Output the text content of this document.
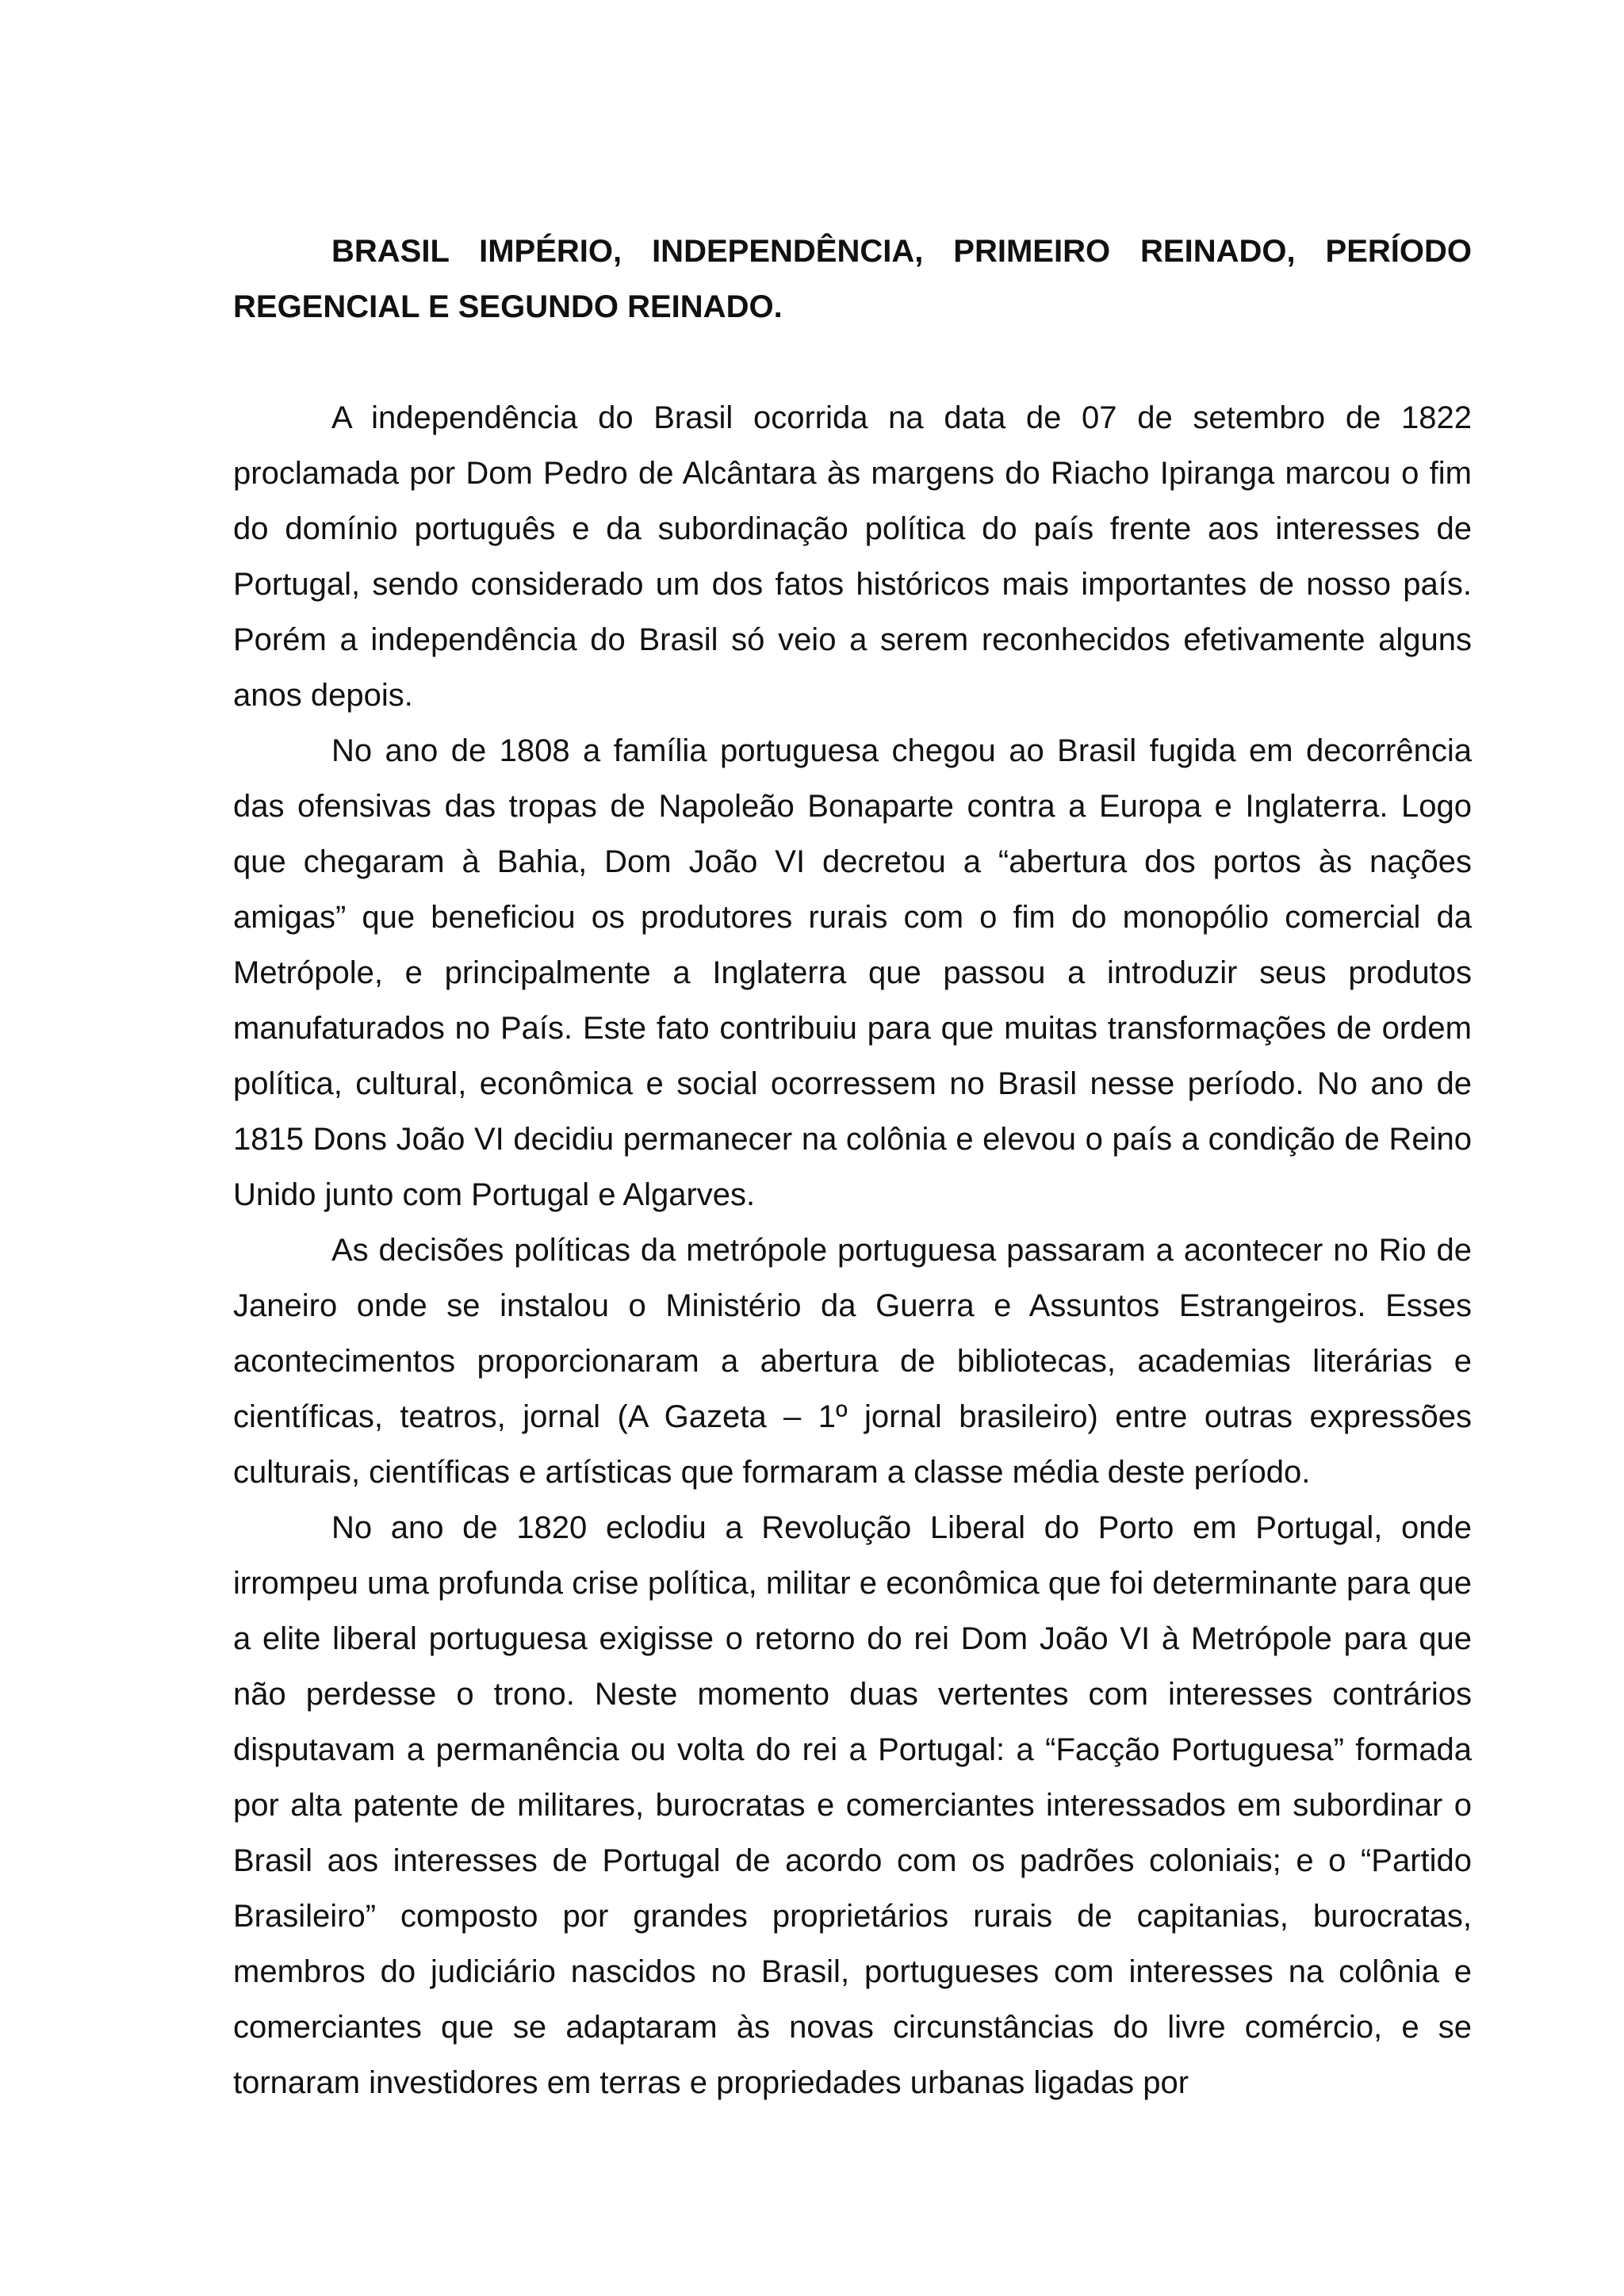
BRASIL IMPÉRIO, INDEPENDÊNCIA, PRIMEIRO REINADO, PERÍODO REGENCIAL E SEGUNDO REINADO.

A independência do Brasil ocorrida na data de 07 de setembro de 1822 proclamada por Dom Pedro de Alcântara às margens do Riacho Ipiranga marcou o fim do domínio português e da subordinação política do país frente aos interesses de Portugal, sendo considerado um dos fatos históricos mais importantes de nosso país. Porém a independência do Brasil só veio a serem reconhecidos efetivamente alguns anos depois.

No ano de 1808 a família portuguesa chegou ao Brasil fugida em decorrência das ofensivas das tropas de Napoleão Bonaparte contra a Europa e Inglaterra. Logo que chegaram à Bahia, Dom João VI decretou a “abertura dos portos às nações amigas” que beneficiou os produtores rurais com o fim do monopólio comercial da Metrópole, e principalmente a Inglaterra que passou a introduzir seus produtos manufaturados no País. Este fato contribuiu para que muitas transformações de ordem política, cultural, econômica e social ocorressem no Brasil nesse período. No ano de 1815 Dons João VI decidiu permanecer na colônia e elevou o país a condição de Reino Unido junto com Portugal e Algarves.

As decisões políticas da metrópole portuguesa passaram a acontecer no Rio de Janeiro onde se instalou o Ministério da Guerra e Assuntos Estrangeiros. Esses acontecimentos proporcionaram a abertura de bibliotecas, academias literárias e científicas, teatros, jornal (A Gazeta – 1º jornal brasileiro) entre outras expressões culturais, científicas e artísticas que formaram a classe média deste período.

No ano de 1820 eclodiu a Revolução Liberal do Porto em Portugal, onde irrompeu uma profunda crise política, militar e econômica que foi determinante para que a elite liberal portuguesa exigisse o retorno do rei Dom João VI à Metrópole para que não perdesse o trono. Neste momento duas vertentes com interesses contrários disputavam a permanência ou volta do rei a Portugal: a “Facção Portuguesa” formada por alta patente de militares, burocratas e comerciantes interessados em subordinar o Brasil aos interesses de Portugal de acordo com os padrões coloniais; e o “Partido Brasileiro” composto por grandes proprietários rurais de capitanias, burocratas, membros do judiciário nascidos no Brasil, portugueses com interesses na colônia e comerciantes que se adaptaram às novas circunstâncias do livre comércio, e se tornaram investidores em terras e propriedades urbanas ligadas por
